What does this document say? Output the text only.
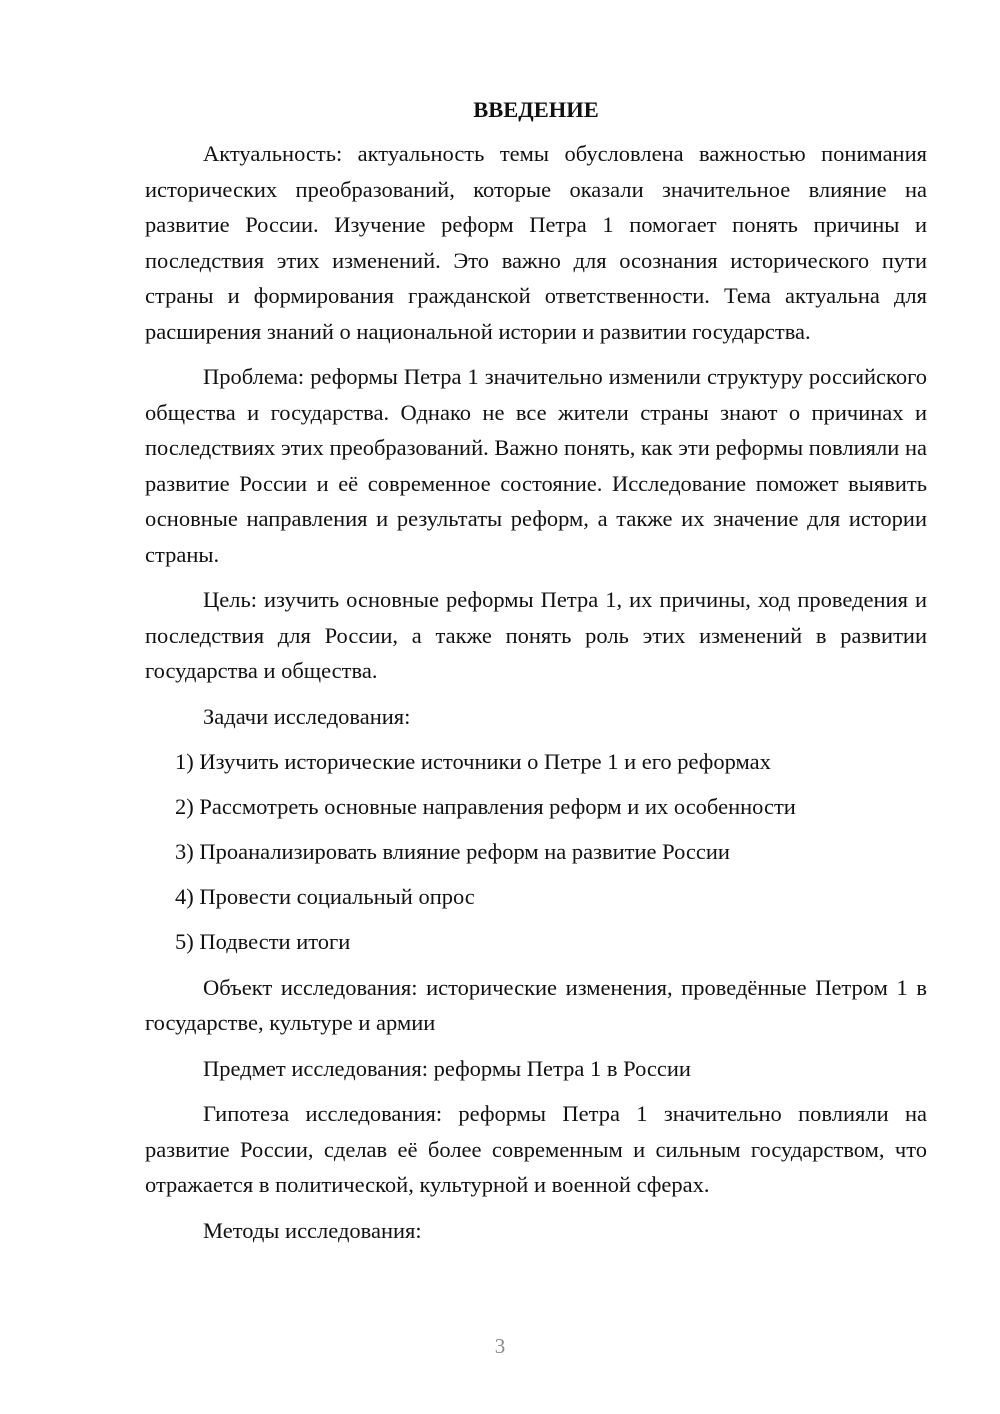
ВВЕДЕНИЕ

Актуальность: актуальность темы обусловлена важностью понимания исторических преобразований, которые оказали значительное влияние на развитие России. Изучение реформ Петра 1 помогает понять причины и последствия этих изменений. Это важно для осознания исторического пути страны и формирования гражданской ответственности. Тема актуальна для расширения знаний о национальной истории и развитии государства.

Проблема: реформы Петра 1 значительно изменили структуру российского общества и государства. Однако не все жители страны знают о причинах и последствиях этих преобразований. Важно понять, как эти реформы повлияли на развитие России и её современное состояние. Исследование поможет выявить основные направления и результаты реформ, а также их значение для истории страны.

Цель: изучить основные реформы Петра 1, их причины, ход проведения и последствия для России, а также понять роль этих изменений в развитии государства и общества.

Задачи исследования:

1) Изучить исторические источники о Петре 1 и его реформах
2) Рассмотреть основные направления реформ и их особенности
3) Проанализировать влияние реформ на развитие России
4) Провести социальный опрос
5) Подвести итоги

Объект исследования: исторические изменения, проведённые Петром 1 в государстве, культуре и армии

Предмет исследования: реформы Петра 1 в России

Гипотеза исследования: реформы Петра 1 значительно повлияли на развитие России, сделав её более современным и сильным государством, что отражается в политической, культурной и военной сферах.

Методы исследования:

3
